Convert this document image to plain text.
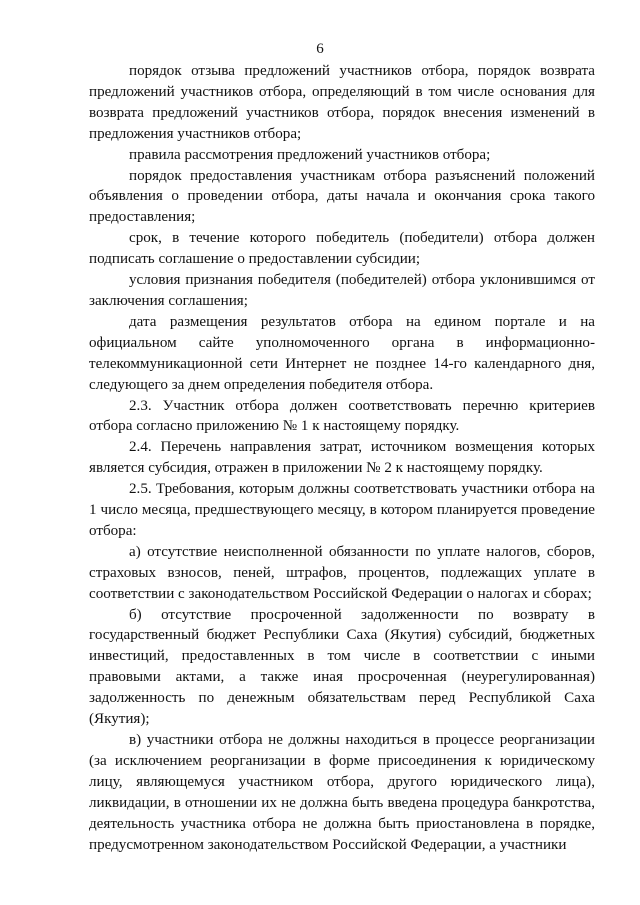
6

порядок отзыва предложений участников отбора, порядок возврата предложений участников отбора, определяющий в том числе основания для возврата предложений участников отбора, порядок внесения изменений в предложения участников отбора;

правила рассмотрения предложений участников отбора;

порядок предоставления участникам отбора разъяснений положений объявления о проведении отбора, даты начала и окончания срока такого предоставления;

срок, в течение которого победитель (победители) отбора должен подписать соглашение о предоставлении субсидии;

условия признания победителя (победителей) отбора уклонившимся от заключения соглашения;

дата размещения результатов отбора на едином портале и на официальном сайте уполномоченного органа в информационно-телекоммуникационной сети Интернет не позднее 14-го календарного дня, следующего за днем определения победителя отбора.

2.3. Участник отбора должен соответствовать перечню критериев отбора согласно приложению № 1 к настоящему порядку.

2.4. Перечень направления затрат, источником возмещения которых является субсидия, отражен в приложении № 2 к настоящему порядку.

2.5. Требования, которым должны соответствовать участники отбора на 1 число месяца, предшествующего месяцу, в котором планируется проведение отбора:

а) отсутствие неисполненной обязанности по уплате налогов, сборов, страховых взносов, пеней, штрафов, процентов, подлежащих уплате в соответствии с законодательством Российской Федерации о налогах и сборах;

б) отсутствие просроченной задолженности по возврату в государственный бюджет Республики Саха (Якутия) субсидий, бюджетных инвестиций, предоставленных в том числе в соответствии с иными правовыми актами, а также иная просроченная (неурегулированная) задолженность по денежным обязательствам перед Республикой Саха (Якутия);

в) участники отбора не должны находиться в процессе реорганизации (за исключением реорганизации в форме присоединения к юридическому лицу, являющемуся участником отбора, другого юридического лица), ликвидации, в отношении их не должна быть введена процедура банкротства, деятельность участника отбора не должна быть приостановлена в порядке, предусмотренном законодательством Российской Федерации, а участники
